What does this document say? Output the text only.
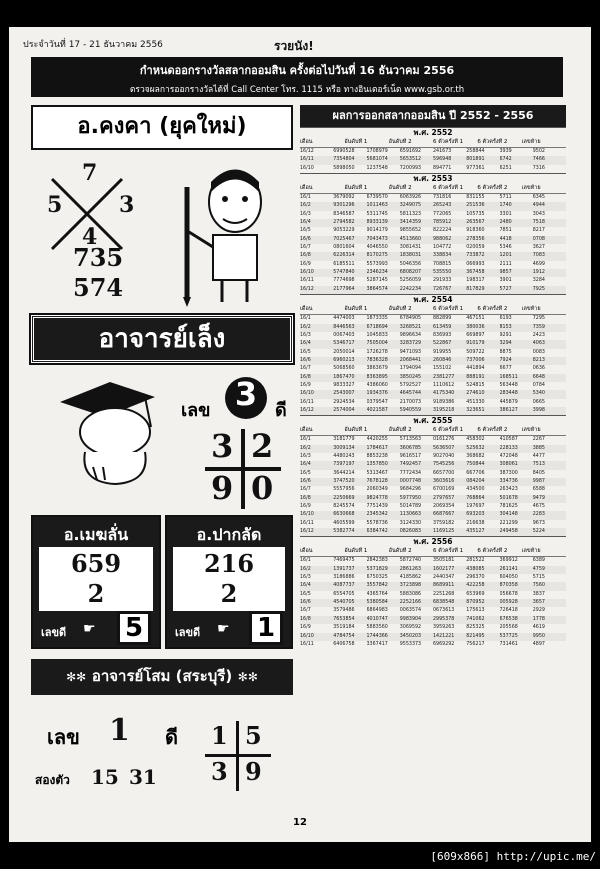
ประจำวันที่ 17 - 21 ธันวาคม 2556	รวยนัง!
กำหนดออกรางวัลสลากออมสิน ครั้งต่อไปวันที่ 16 ธันวาคม 2556
ตรวจผลการออกรางวัลได้ที่ Call Center โทร. 1115 หรือ ทางอินเตอร์เน็ต www.gsb.or.th
อ.คงคา (ยุคใหม่)
7
5	3
4
735
574
อาจารย์เล็ง
เลข 3 ดี
3 2
9 0
อ.เมฆลั่น
659
2
เลขดี ☛	5
อ.ปากลัด
216
2
เลขดี ☛	1
✻✻ อาจารย์โสม (สระบุรี) ✻✻
เลข 1 ดี 1 5
3 9
สองตัว 15 31
ผลการออกสลากออมสิน ปี 2552 - 2556
พ.ศ. 2552
เดือน	อันดับที่ 1	อันดับที่ 2	6 ตัวครั้งที่ 1	6 ตัวครั้งที่ 2	เลขท้าย
16/12	6990528	1708979	6591692	241673	258844	3939	9502
16/11	7354804	5681074	5653512	596948	801891	6742	7466
16/10	5898050	1237548	7200993	894771	977361	6251	7316
พ.ศ. 2553
เดือน	อันดับที่ 1	อันดับที่ 2	6 ตัวครั้งที่ 1	6 ตัวครั้งที่ 2	เลขท้าย
16/1	3679092	6739570	6063926	731816	831155	5711	6345
16/2	9301296	1011463	3249075	265243	251536	1740	4944
16/3	8346587	5311745	5811323	772065	105735	3301	3043
16/4	2794582	8933139	3414359	785912	263567	2480	7518
16/5	9053229	9014179	9855652	822224	918360	7851	8217
16/6	7025467	7043473	4513660	988062	278356	4418	0708
16/7	0801604	4046550	3081431	104772	020059	5346	3627
16/8	6226314	8170275	1838031	338834	733872	1201	7083
16/9	6185511	5573993	5046356	708815	066993	2111	4699
16/10	5747840	2346234	6808207	535550	367458	9857	1912
16/11	7774698	5287145	5256059	291933	198317	3901	3284
16/12	2177964	3864574	2242234	726767	817829	5727	7925
พ.ศ. 2554
เดือน	อันดับที่ 1	อันดับที่ 2	6 ตัวครั้งที่ 1	6 ตัวครั้งที่ 2	เลขท้าย
16/1	4474003	1873335	6784905	882899	467151	6193	7295
16/2	8446563	6718694	3268521	613459	380036	8153	7359
16/3	0067403	1045833	9896634	836993	669897	9291	2423
16/4	5346717	7505004	3283729	522867	910179	3294	4063
16/5	2050014	1726278	9471093	919955	509722	8875	0083
16/6	6960213	7836328	2068441	260846	737006	7924	8213
16/7	5068560	3863679	1794094	155102	441894	6677	0636
16/8	1867470	8363895	3850245	2381277	888191	168511	6648
16/9	9833327	4386060	5792527	1110612	524815	563448	0784
16/10	2543007	1934376	4645744	4175340	274610	283448	5340
16/11	2924534	0379547	2170073	9189386	451330	445879	0665
16/12	2574004	4021587	5940559	3195218	323651	386127	3998
พ.ศ. 2555
เดือน	อันดับที่ 1	อันดับที่ 2	6 ตัวครั้งที่ 1	6 ตัวครั้งที่ 2	เลขท้าย
16/1	3181779	4420255	5713563	0161276	458302	410587	2267
16/2	3009134	1784617	3606785	5636507	525632	228133	3885
16/3	4480243	8853238	9616517	9027040	368682	472048	4477
16/4	7397197	1357850	7492457	7545256	750844	308061	7513
16/5	3644214	5313467	7772434	6657700	667706	387300	8405
16/6	3747520	7678128	0007748	3603616	084204	334736	9987
16/7	5557956	2060349	9684296	6700169	434500	263423	6588
16/8	2250669	9824778	5977950	2797657	768864	501678	9479
16/9	8245574	7751439	5014789	2069354	197697	781625	4675
16/10	6630668	2345342	1130663	6687667	693203	304148	2283
16/11	4605599	5578736	3124330	3759182	216638	221299	9673
16/12	5382774	6384742	0826083	1169125	435127	249458	5224
พ.ศ. 2556
เดือน	อันดับที่ 1	อันดับที่ 2	6 ตัวครั้งที่ 1	6 ตัวครั้งที่ 2	เลขท้าย
16/1	7469475	2842383	5872740	3505181	281522	369912	6389
16/2	1391737	5371829	2861263	1602177	438085	261141	4759
16/3	3186886	6750325	4185862	2440347	296370	604050	5715
16/4	4087737	3557842	3723898	8689911	422258	870358	7560
16/5	6554705	4365764	5883086	2251268	653969	056678	3837
16/6	4540705	5380584	2252166	6838548	870952	005928	3657
16/7	3579486	6864983	0063574	0673613	175613	726418	2929
16/8	7653854	4010747	9983904	2995378	741062	676538	1778
16/9	3519184	5883560	3069592	3959263	825325	205568	4619
16/10	4784754	1744366	3450203	1421221	821495	537725	9950
16/11	6406758	3367417	9553373	6969292	756217	731461	4897
12
[609x866] http://upic.me/
